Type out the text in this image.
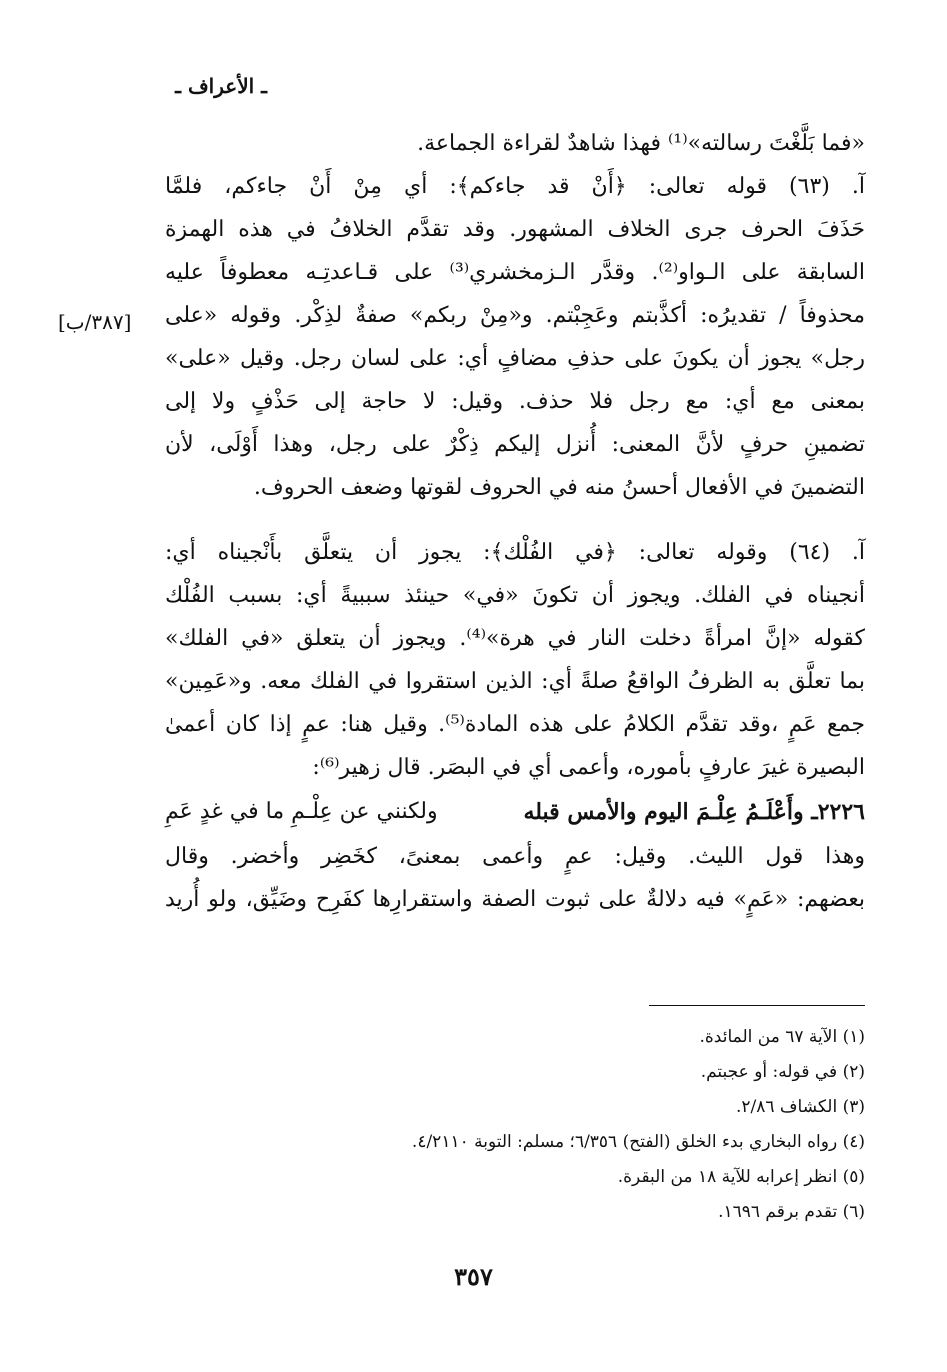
ـ الأعراف ـ
[٣٨٧/ب]
«فما بَلَّغْتَ رسالته»⁽¹⁾ فهذا شاهدٌ لقراءة الجماعة.
آ. (٦٣) قوله تعالى: ﴿أَنْ قد جاءكم﴾: أي مِنْ أَنْ جاءكم، فلمَّا
حَذَفَ الحرف جرى الخلاف المشهور. وقد تقدَّم الخلافُ في هذه الهمزة
السابقة على الـواو⁽²⁾. وقدَّر الـزمخشري⁽³⁾ على قـاعدتِـه معطوفاً عليه
محذوفاً / تقديرُه: أكذَّبتم وعَجِبْتم. و«مِنْ ربكم» صفةٌ لذِكْر. وقوله «على
رجل» يجوز أن يكونَ على حذفِ مضافٍ أي: على لسان رجل. وقيل «على»
بمعنى مع أي: مع رجل فلا حذف. وقيل: لا حاجة إلى حَذْفٍ ولا إلى
تضمينِ حرفٍ لأنَّ المعنى: أُنزل إليكم ذِكْرٌ على رجل، وهذا أَوْلَى، لأن
التضمينَ في الأفعال أحسنُ منه في الحروف لقوتها وضعف الحروف.
آ. (٦٤) وقوله تعالى: ﴿في الفُلْك﴾: يجوز أن يتعلَّق بأَنْجيناه أي:
أنجيناه في الفلك. ويجوز أن تكونَ «في» حينئذ سببيةً أي: بسبب الفُلْك
كقوله «إنَّ امرأةً دخلت النار في هرة»⁽⁴⁾. ويجوز أن يتعلق «في الفلك»
بما تعلَّق به الظرفُ الواقعُ صلةً أي: الذين استقروا في الفلك معه. و«عَمِين»
جمع عَمٍ ،وقد تقدَّم الكلامُ على هذه المادة⁽⁵⁾. وقيل هنا: عمٍ إذا كان أعمىٰ
البصيرة غيرَ عارفٍ بأموره، وأعمى أي في البصَر. قال زهير⁽⁶⁾:
٢٢٢٦ـ وأَعْلَـمُ عِلْـمَ اليوم والأمس قبله
ولكنني عن عِلْـمِ ما في غدٍ عَمِ
وهذا قول الليث. وقيل: عمٍ وأعمى بمعنىً، كخَضِر وأخضر. وقال
بعضهم: «عَمٍ» فيه دلالةٌ على ثبوت الصفة واستقرارِها كفَرِح وضَيِّق، ولو أُريد
(١) الآية ٦٧ من المائدة.
(٢) في قوله: أو عجبتم.
(٣) الكشاف ٢/٨٦.
(٤) رواه البخاري بدء الخلق (الفتح) ٦/٣٥٦؛ مسلم: التوبة ٤/٢١١٠.
(٥) انظر إعرابه للآية ١٨ من البقرة.
(٦) تقدم برقم ١٦٩٦.
٣٥٧
